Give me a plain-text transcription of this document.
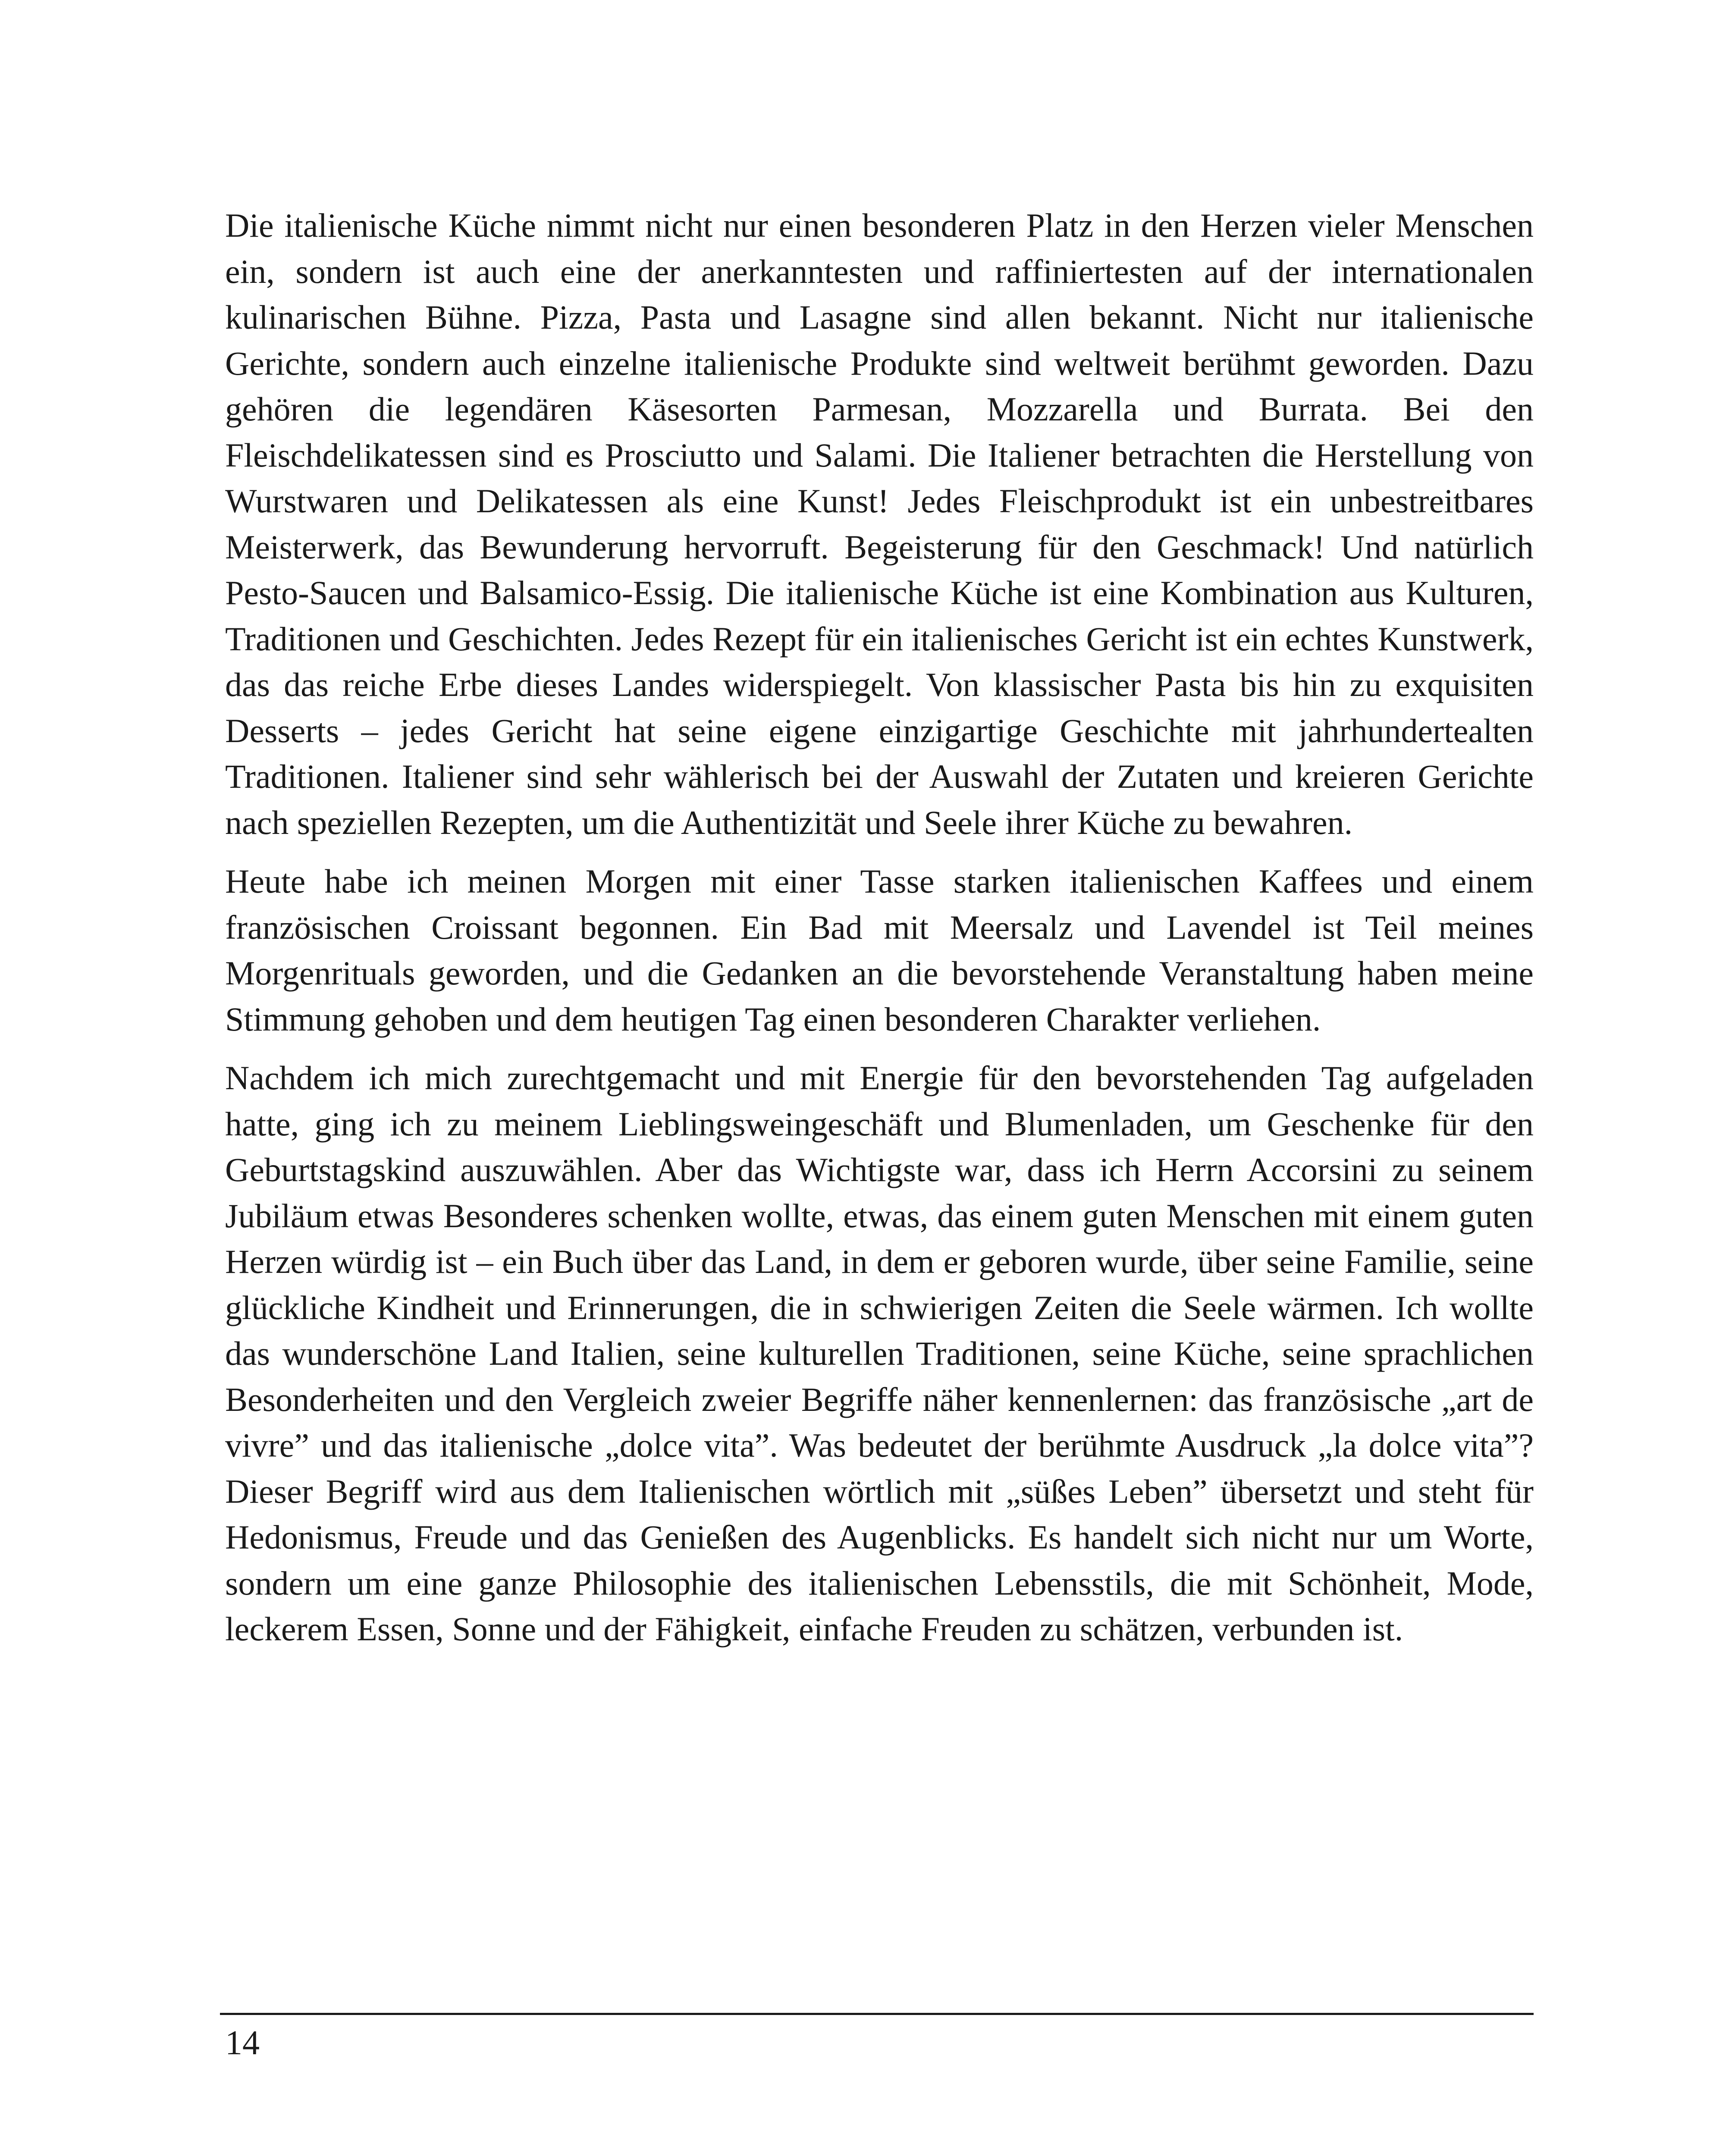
Die italienische Küche nimmt nicht nur einen besonderen Platz in den Herzen vieler Menschen ein, sondern ist auch eine der anerkanntesten und raffiniertesten auf der internationalen kulinarischen Bühne. Pizza, Pasta und Lasagne sind allen bekannt. Nicht nur italienische Gerichte, sondern auch einzelne italienische Produkte sind weltweit berühmt geworden. Dazu gehören die legendären Käsesorten Parmesan, Mozzarella und Burrata. Bei den Fleischdelikatessen sind es Prosciutto und Salami. Die Italiener betrachten die Herstellung von Wurstwaren und Delikatessen als eine Kunst! Jedes Fleischprodukt ist ein unbestreitbares Meisterwerk, das Bewunderung hervorruft. Begeisterung für den Geschmack! Und natürlich Pesto-Saucen und Balsamico-Essig. Die italienische Küche ist eine Kombination aus Kulturen, Traditionen und Geschichten. Jedes Rezept für ein italienisches Gericht ist ein echtes Kunstwerk, das das reiche Erbe dieses Landes widerspiegelt. Von klassischer Pasta bis hin zu exquisiten Desserts – jedes Gericht hat seine eigene einzigartige Geschichte mit jahrhundertealten Traditionen. Italiener sind sehr wählerisch bei der Auswahl der Zutaten und kreieren Gerichte nach speziellen Rezepten, um die Authentizität und Seele ihrer Küche zu bewahren.

Heute habe ich meinen Morgen mit einer Tasse starken italienischen Kaffees und einem französischen Croissant begonnen. Ein Bad mit Meersalz und Lavendel ist Teil meines Morgenrituals geworden, und die Gedanken an die bevorstehende Veranstaltung haben meine Stimmung gehoben und dem heutigen Tag einen besonderen Charakter verliehen.

Nachdem ich mich zurechtgemacht und mit Energie für den bevorstehenden Tag aufgeladen hatte, ging ich zu meinem Lieblingsweingeschäft und Blumenladen, um Geschenke für den Geburtstagskind auszuwählen. Aber das Wichtigste war, dass ich Herrn Accorsini zu seinem Jubiläum etwas Besonderes schenken wollte, etwas, das einem guten Menschen mit einem guten Herzen würdig ist – ein Buch über das Land, in dem er geboren wurde, über seine Familie, seine glückliche Kindheit und Erinnerungen, die in schwierigen Zeiten die Seele wärmen. Ich wollte das wunderschöne Land Italien, seine kulturellen Traditionen, seine Küche, seine sprachlichen Besonderheiten und den Vergleich zweier Begriffe näher kennenlernen: das französische „art de vivre” und das italienische „dolce vita”. Was bedeutet der berühmte Ausdruck „la dolce vita”? Dieser Begriff wird aus dem Italienischen wörtlich mit „süßes Leben” übersetzt und steht für Hedonismus, Freude und das Genießen des Augenblicks. Es handelt sich nicht nur um Worte, sondern um eine ganze Philosophie des italienischen Lebensstils, die mit Schönheit, Mode, leckerem Essen, Sonne und der Fähigkeit, einfache Freuden zu schätzen, verbunden ist.

14
